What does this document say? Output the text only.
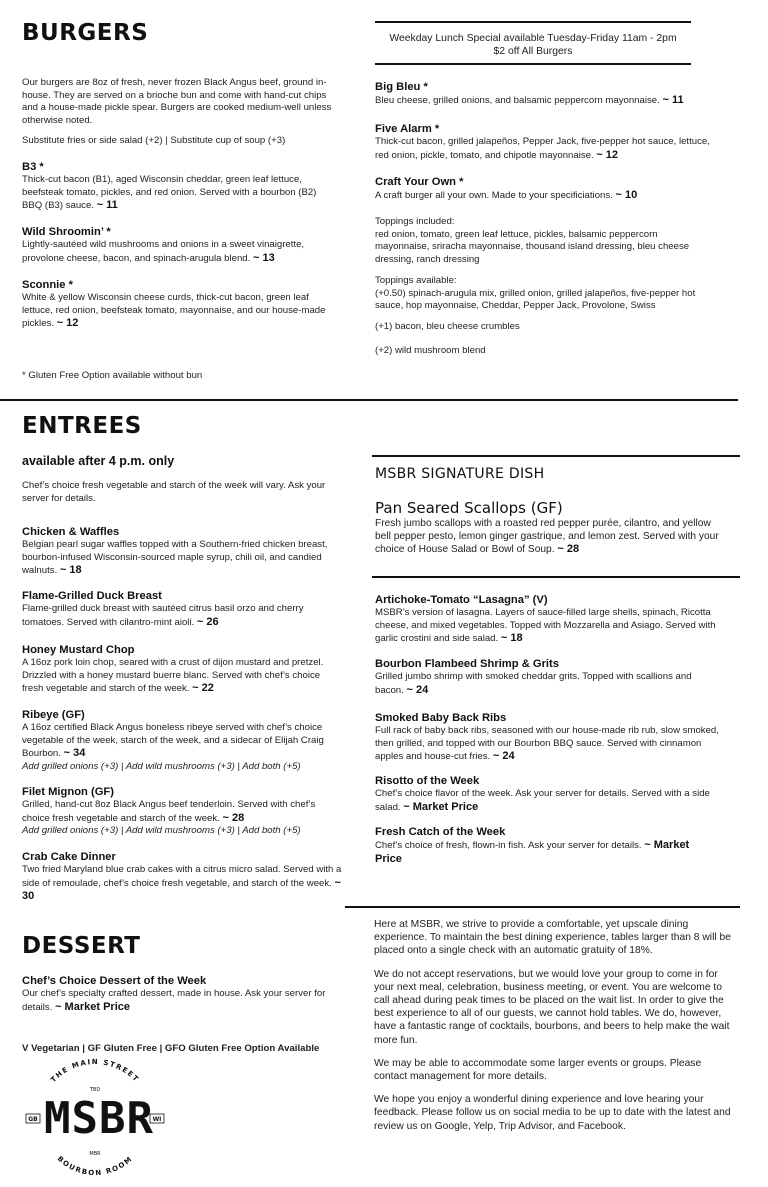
BURGERS
Our burgers are 8oz of fresh, never frozen Black Angus beef, ground in-house. They are served on a brioche bun and come with hand-cut chips and a house-made pickle spear. Burgers are cooked medium-well unless otherwise noted.
Substitute fries or side salad (+2) | Substitute cup of soup (+3)
B3 *
Thick-cut bacon (B1), aged Wisconsin cheddar, green leaf lettuce, beefsteak tomato, pickles, and red onion. Served with a bourbon (B2) BBQ (B3) sauce. ~ 11
Wild Shroomin’ *
Lightly-sautéed wild mushrooms and onions in a sweet vinaigrette, provolone cheese, bacon, and spinach-arugula blend. ~ 13
Sconnie *
White & yellow Wisconsin cheese curds, thick-cut bacon, green leaf lettuce, red onion, beefsteak tomato, mayonnaise, and our house-made pickles. ~ 12
* Gluten Free Option available without bun
Weekday Lunch Special available Tuesday-Friday 11am - 2pm
$2 off All Burgers
Big Bleu *
Bleu cheese, grilled onions, and balsamic peppercorn mayonnaise. ~ 11
Five Alarm *
Thick-cut bacon, grilled jalapeños, Pepper Jack, five-pepper hot sauce, lettuce, red onion, pickle, tomato, and chipotle mayonnaise. ~ 12
Craft Your Own *
A craft burger all your own. Made to your specificiations. ~ 10
Toppings included:
red onion, tomato, green leaf lettuce, pickles, balsamic peppercorn mayonnaise, sriracha mayonnaise, thousand island dressing, bleu cheese dressing, ranch dressing
Toppings available:
(+0.50) spinach-arugula mix, grilled onion, grilled jalapeños, five-pepper hot sauce, hop mayonnaise, Cheddar, Pepper Jack, Provolone, Swiss
(+1) bacon, bleu cheese crumbles
(+2) wild mushroom blend
ENTREES
available after 4 p.m. only
Chef’s choice fresh vegetable and starch of the week will vary. Ask your server for details.
Chicken & Waffles
Belgian pearl sugar waffles topped with a Southern-fried chicken breast, bourbon-infused Wisconsin-sourced maple syrup, chili oil, and candied walnuts. ~ 18
Flame-Grilled Duck Breast
Flame-grilled duck breast with sautéed citrus basil orzo and cherry tomatoes. Served with cilantro-mint aioli. ~ 26
Honey Mustard Chop
A 16oz pork loin chop, seared with a crust of dijon mustard and pretzel. Drizzled with a honey mustard buerre blanc. Served with chef’s choice fresh vegetable and starch of the week. ~ 22
Ribeye (GF)
A 16oz certified Black Angus boneless ribeye served with chef’s choice vegetable of the week, starch of the week, and a sidecar of Elijah Craig Bourbon. ~ 34
Add grilled onions (+3) | Add wild mushrooms (+3) | Add both (+5)
Filet Mignon (GF)
Grilled, hand-cut 8oz Black Angus beef tenderloin. Served with chef’s choice fresh vegetable and starch of the week. ~ 28
Add grilled onions (+3) | Add wild mushrooms (+3) | Add both (+5)
Crab Cake Dinner
Two fried Maryland blue crab cakes with a citrus micro salad. Served with a side of remoulade, chef’s choice fresh vegetable, and starch of the week. ~ 30
MSBR SIGNATURE DISH
Pan Seared Scallops (GF)
Fresh jumbo scallops with a roasted red pepper purée, cilantro, and yellow bell pepper pesto, lemon ginger gastrique, and lemon zest. Served with your choice of House Salad or Bowl of Soup. ~ 28
Artichoke-Tomato “Lasagna” (V)
MSBR’s version of lasagna. Layers of sauce-filled large shells, spinach, Ricotta cheese, and mixed vegetables. Topped with Mozzarella and Asiago. Served with garlic crostini and side salad. ~ 18
Bourbon Flambeed Shrimp & Grits
Grilled jumbo shrimp with smoked cheddar grits. Topped with scallions and bacon. ~ 24
Smoked Baby Back Ribs
Full rack of baby back ribs, seasoned with our house-made rib rub, slow smoked, then grilled, and topped with our Bourbon BBQ sauce. Served with cinnamon apples and house-cut fries. ~ 24
Risotto of the Week
Chef’s choice flavor of the week. Ask your server for details. Served with a side salad. ~ Market Price
Fresh Catch of the Week
Chef’s choice of fresh, flown-in fish. Ask your server for details. ~ Market Price
DESSERT
Chef’s Choice Dessert of the Week
Our chef’s specialty crafted dessert, made in house. Ask your server for details. ~ Market Price
V Vegetarian | GF Gluten Free | GFO Gluten Free Option Available
THE MAIN STREET
BOURBON ROOM
TBD
MBR
GB	WI
MSBR
Here at MSBR, we strive to provide a comfortable, yet upscale dining experience. To maintain the best dining experience, tables larger than 8 will be placed onto a single check with an automatic gratuity of 18%.
We do not accept reservations, but we would love your group to come in for your next meal, celebration, business meeting, or event. You are welcome to call ahead during peak times to be placed on the wait list. In order to give the best experience to all of our guests, we cannot hold tables. We do, however, have a fantastic range of cocktails, bourbons, and beers to help make the wait more fun.
We may be able to accommodate some larger events or groups. Please contact management for more details.
We hope you enjoy a wonderful dining experience and love hearing your feedback. Please follow us on social media to be up to date with the latest and review us on Google, Yelp, Trip Advisor, and Facebook.
